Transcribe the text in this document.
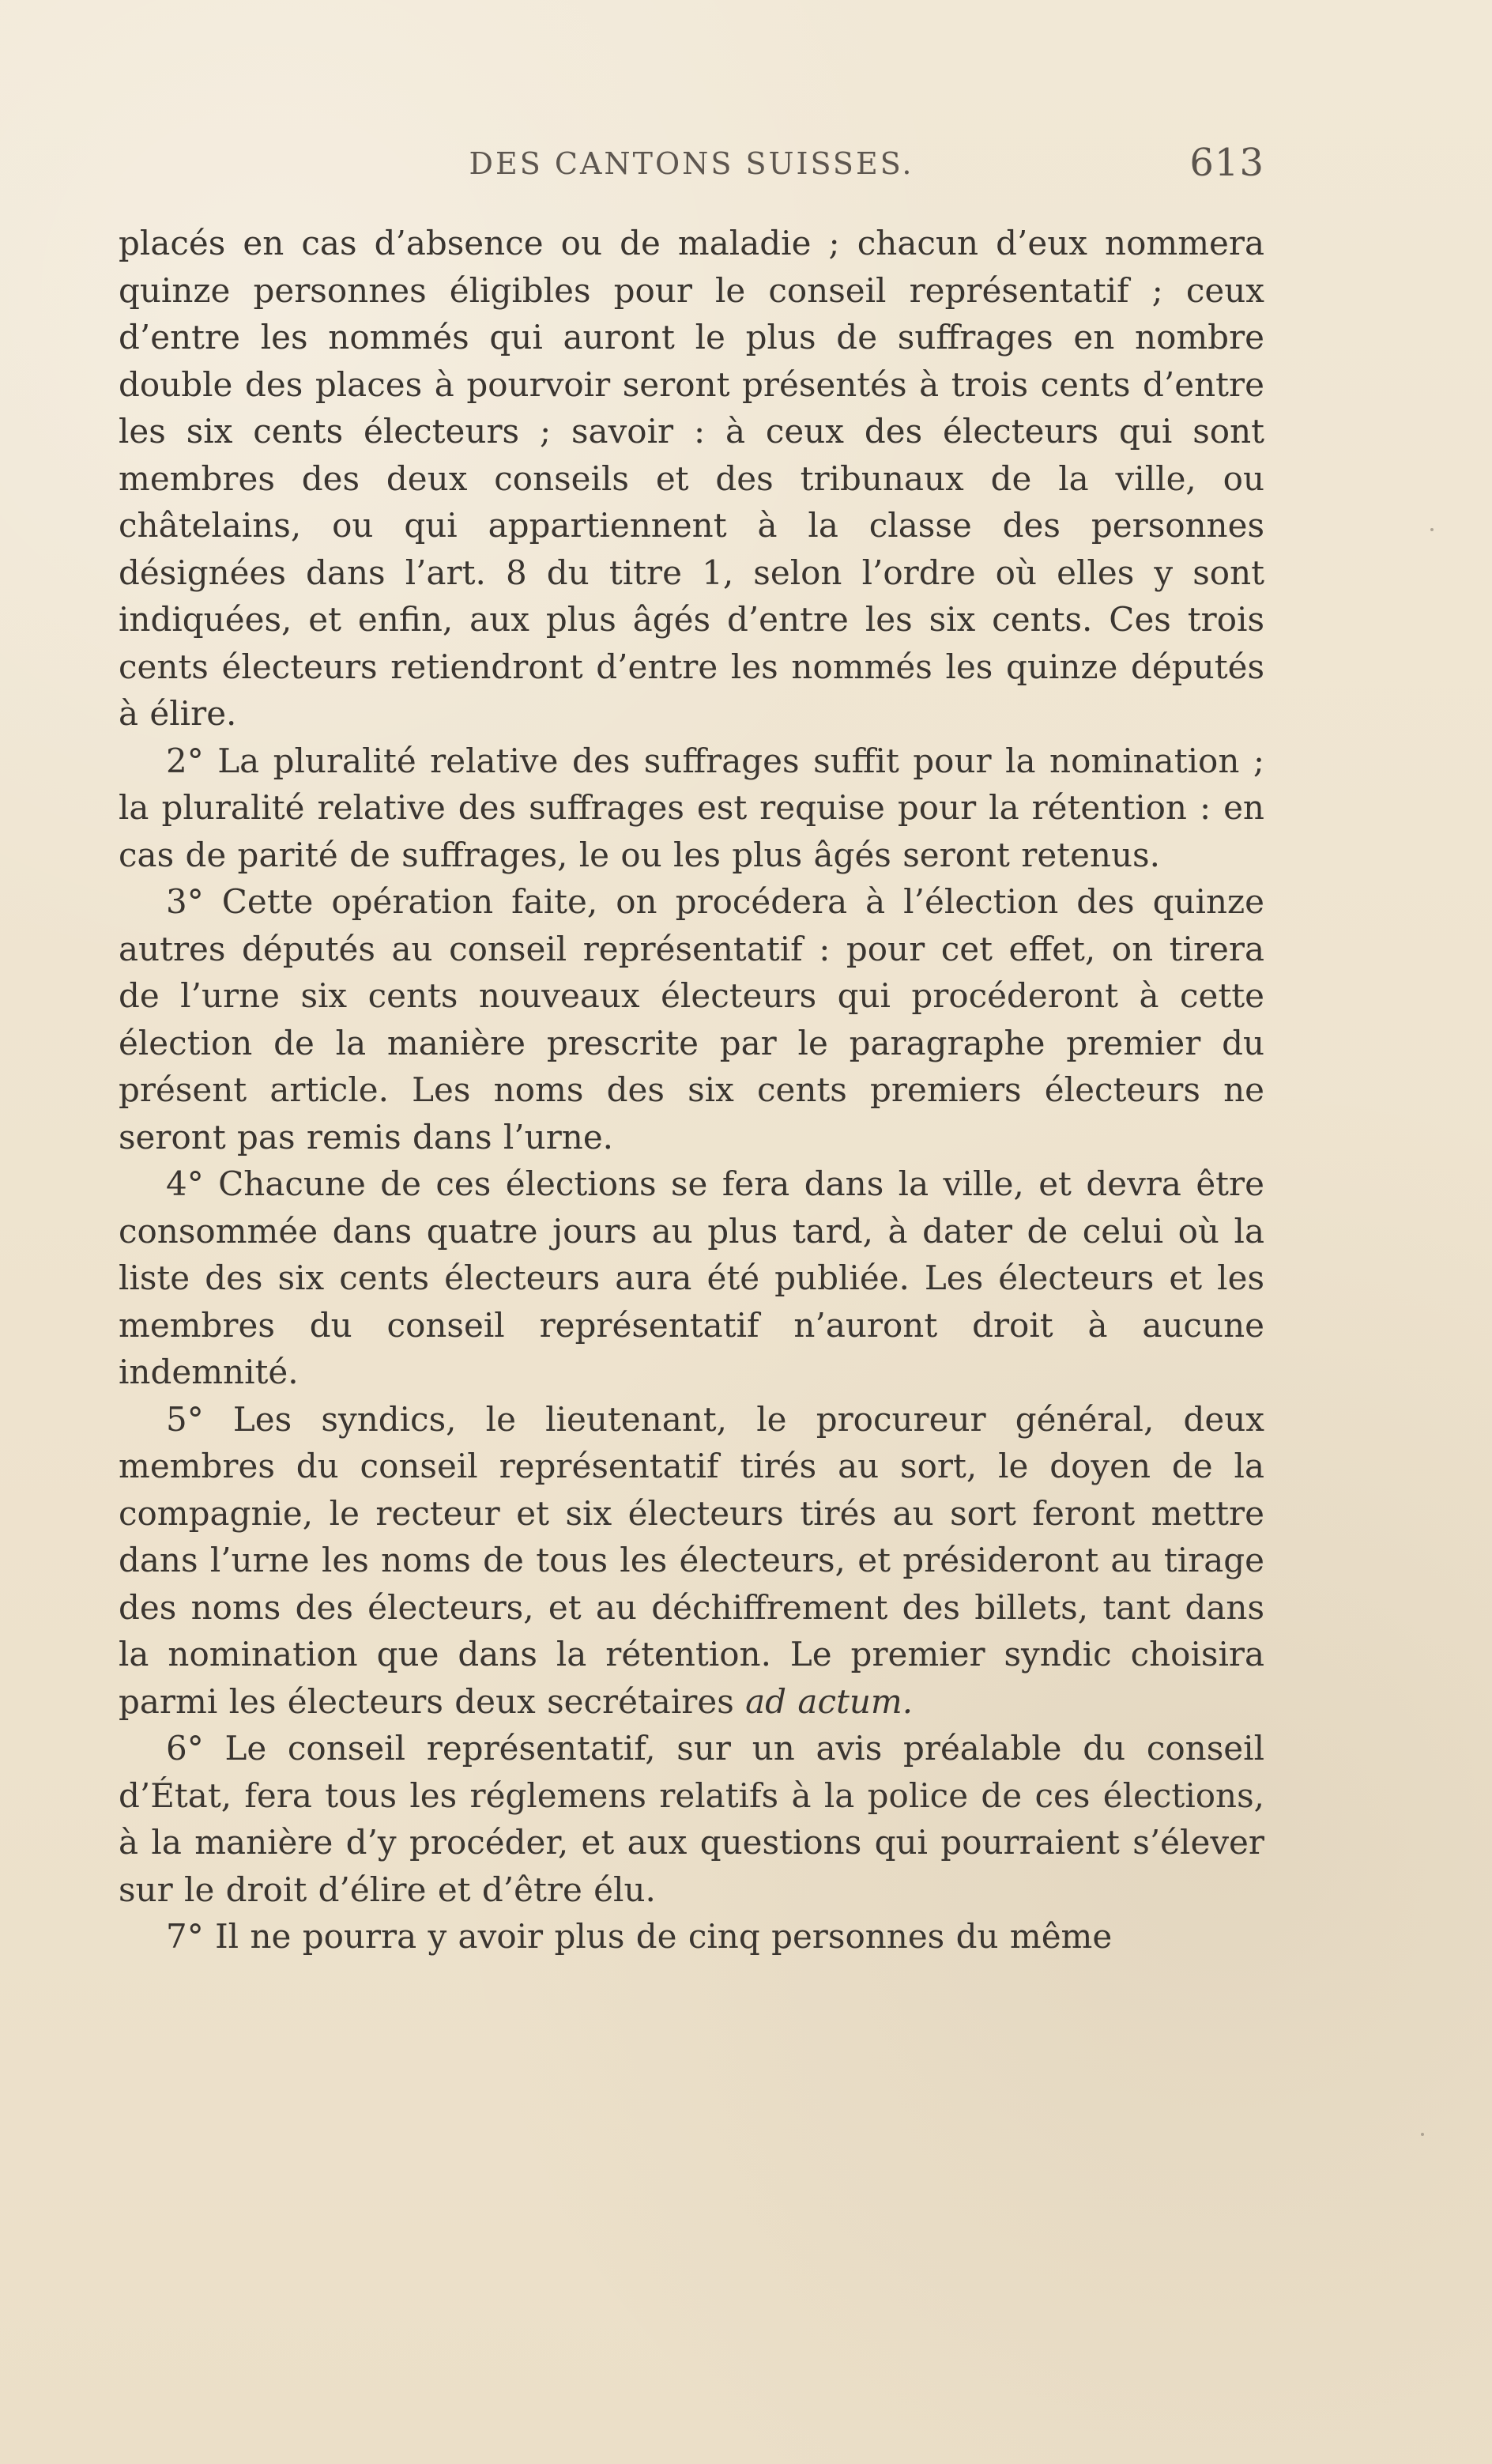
DES CANTONS SUISSES.	613

placés en cas d’absence ou de maladie ; chacun d’eux nommera quinze personnes éligibles pour le conseil représentatif ; ceux d’entre les nommés qui auront le plus de suffrages en nombre double des places à pourvoir seront présentés à trois cents d’entre les six cents électeurs ; savoir : à ceux des électeurs qui sont membres des deux conseils et des tribunaux de la ville, ou châtelains, ou qui appartiennent à la classe des personnes désignées dans l’art. 8 du titre 1, selon l’ordre où elles y sont indiquées, et enfin, aux plus âgés d’entre les six cents. Ces trois cents électeurs retiendront d’entre les nommés les quinze députés à élire.

2° La pluralité relative des suffrages suffit pour la nomination ; la pluralité relative des suffrages est requise pour la rétention : en cas de parité de suffrages, le ou les plus âgés seront retenus.

3° Cette opération faite, on procédera à l’élection des quinze autres députés au conseil représentatif : pour cet effet, on tirera de l’urne six cents nouveaux électeurs qui procéderont à cette élection de la manière prescrite par le paragraphe premier du présent article. Les noms des six cents premiers électeurs ne seront pas remis dans l’urne.

4° Chacune de ces élections se fera dans la ville, et devra être consommée dans quatre jours au plus tard, à dater de celui où la liste des six cents électeurs aura été publiée. Les électeurs et les membres du conseil représentatif n’auront droit à aucune indemnité.

5° Les syndics, le lieutenant, le procureur général, deux membres du conseil représentatif tirés au sort, le doyen de la compagnie, le recteur et six électeurs tirés au sort feront mettre dans l’urne les noms de tous les électeurs, et présideront au tirage des noms des électeurs, et au déchiffrement des billets, tant dans la nomination que dans la rétention. Le premier syndic choisira parmi les électeurs deux secrétaires ad actum.

6° Le conseil représentatif, sur un avis préalable du conseil d’État, fera tous les réglemens relatifs à la police de ces élections, à la manière d’y procéder, et aux questions qui pourraient s’élever sur le droit d’élire et d’être élu.

7° Il ne pourra y avoir plus de cinq personnes du même
